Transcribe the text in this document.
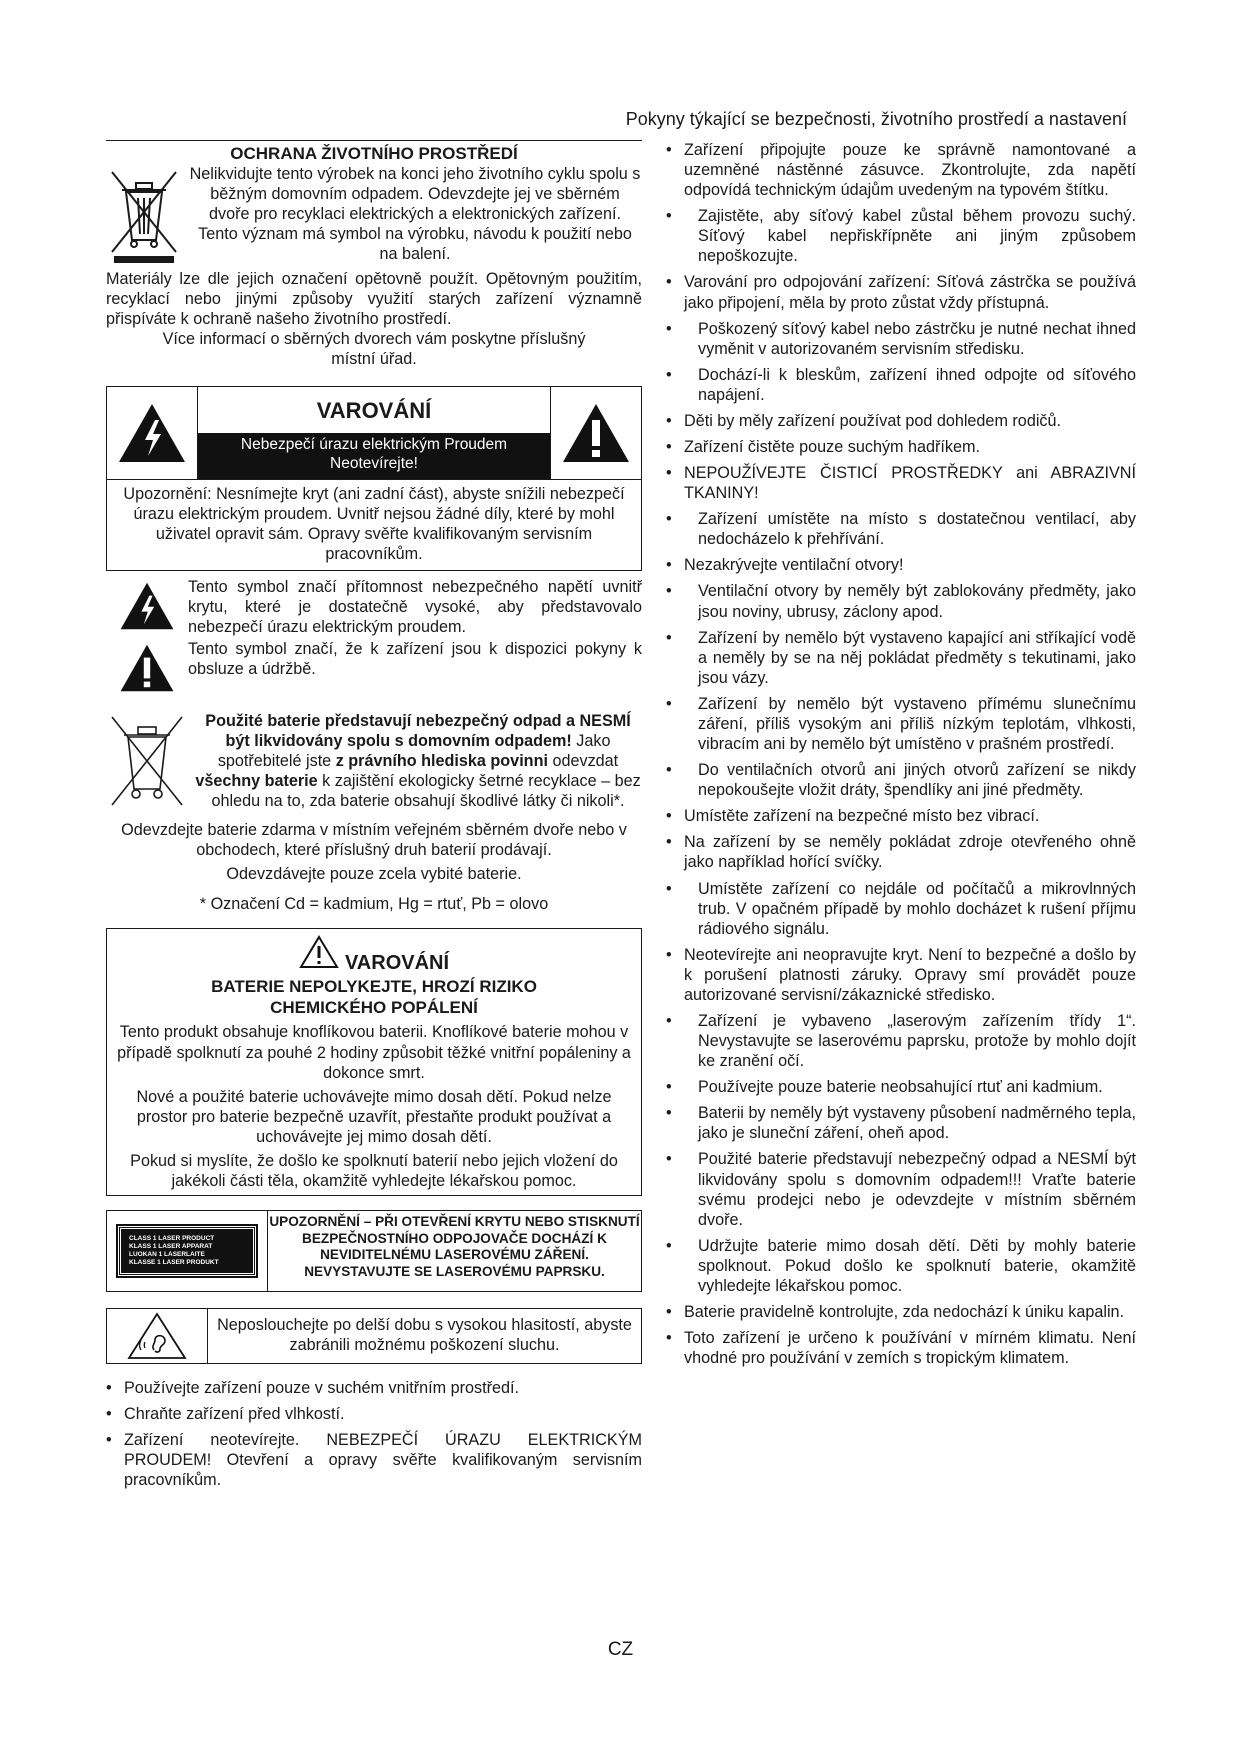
Pokyny týkající se bezpečnosti, životního prostředí a nastavení
OCHRANA ŽIVOTNÍHO PROSTŘEDÍ
Nelikvidujte tento výrobek na konci jeho životního cyklu spolu s běžným domovním odpadem. Odevzdejte jej ve sběrném dvoře pro recyklaci elektrických a elektronických zařízení. Tento význam má symbol na výrobku, návodu k použití nebo na balení.
Materiály lze dle jejich označení opětovně použít. Opětovným použitím, recyklací nebo jinými způsoby využití starých zařízení významně přispíváte k ochraně našeho životního prostředí.
Více informací o sběrných dvorech vám poskytne příslušný místní úřad.
VAROVÁNÍ
Nebezpečí úrazu elektrickým Proudem Neotevírejte!
Upozornění: Nesnímejte kryt (ani zadní část), abyste snížili nebezpečí úrazu elektrickým proudem. Uvnitř nejsou žádné díly, které by mohl uživatel opravit sám. Opravy svěřte kvalifikovaným servisním pracovníkům.
Tento symbol značí přítomnost nebezpečného napětí uvnitř krytu, které je dostatečně vysoké, aby představovalo nebezpečí úrazu elektrickým proudem.
Tento symbol značí, že k zařízení jsou k dispozici pokyny k obsluze a údržbě.
Použité baterie představují nebezpečný odpad a NESMÍ být likvidovány spolu s domovním odpadem! Jako spotřebitelé jste z právního hlediska povinni odevzdat všechny baterie k zajištění ekologicky šetrné recyklace – bez ohledu na to, zda baterie obsahují škodlivé látky či nikoli*.
Odevzdejte baterie zdarma v místním veřejném sběrném dvoře nebo v obchodech, které příslušný druh baterií prodávají.
Odevzdávejte pouze zcela vybité baterie.
* Označení Cd = kadmium, Hg = rtuť, Pb = olovo
VAROVÁNÍ
BATERIE NEPOLYKEJTE, HROZÍ RIZIKO CHEMICKÉHO POPÁLENÍ
Tento produkt obsahuje knoflíkovou baterii. Knoflíkové baterie mohou v případě spolknutí za pouhé 2 hodiny způsobit těžké vnitřní popáleniny a dokonce smrt.
Nové a použité baterie uchovávejte mimo dosah dětí. Pokud nelze prostor pro baterie bezpečně uzavřít, přestaňte produkt používat a uchovávejte jej mimo dosah dětí.
Pokud si myslíte, že došlo ke spolknutí baterií nebo jejich vložení do jakékoli části těla, okamžitě vyhledejte lékařskou pomoc.
CLASS 1 LASER PRODUCT
KLASS 1 LASER APPARAT
LUOKAN 1 LASERLAITE
KLASSE 1 LASER PRODUKT
UPOZORNĚNÍ – PŘI OTEVŘENÍ KRYTU NEBO STISKNUTÍ BEZPEČNOSTNÍHO ODPOJOVAČE DOCHÁZÍ K NEVIDITELNÉMU LASEROVÉMU ZÁŘENÍ. NEVYSTAVUJTE SE LASEROVÉMU PAPRSKU.
Neposlouchejte po delší dobu s vysokou hlasitostí, abyste zabránili možnému poškození sluchu.
• Používejte zařízení pouze v suchém vnitřním prostředí.
• Chraňte zařízení před vlhkostí.
• Zařízení neotevírejte. NEBEZPEČÍ ÚRAZU ELEKTRICKÝM PROUDEM! Otevření a opravy svěřte kvalifikovaným servisním pracovníkům.
• Zařízení připojujte pouze ke správně namontované a uzemněné nástěnné zásuvce. Zkontrolujte, zda napětí odpovídá technickým údajům uvedeným na typovém štítku.
• Zajistěte, aby síťový kabel zůstal během provozu suchý. Síťový kabel nepřiskřípněte ani jiným způsobem nepoškozujte.
• Varování pro odpojování zařízení: Síťová zástrčka se používá jako připojení, měla by proto zůstat vždy přístupná.
• Poškozený síťový kabel nebo zástrčku je nutné nechat ihned vyměnit v autorizovaném servisním středisku.
• Dochází-li k bleskům, zařízení ihned odpojte od síťového napájení.
• Děti by měly zařízení používat pod dohledem rodičů.
• Zařízení čistěte pouze suchým hadříkem.
• NEPOUŽÍVEJTE ČISTICÍ PROSTŘEDKY ani ABRAZIVNÍ TKANINY!
• Zařízení umístěte na místo s dostatečnou ventilací, aby nedocházelo k přehřívání.
• Nezakrývejte ventilační otvory!
• Ventilační otvory by neměly být zablokovány předměty, jako jsou noviny, ubrusy, záclony apod.
• Zařízení by nemělo být vystaveno kapající ani stříkající vodě a neměly by se na něj pokládat předměty s tekutinami, jako jsou vázy.
• Zařízení by nemělo být vystaveno přímému slunečnímu záření, příliš vysokým ani příliš nízkým teplotám, vlhkosti, vibracím ani by nemělo být umístěno v prašném prostředí.
• Do ventilačních otvorů ani jiných otvorů zařízení se nikdy nepokoušejte vložit dráty, špendlíky ani jiné předměty.
• Umístěte zařízení na bezpečné místo bez vibrací.
• Na zařízení by se neměly pokládat zdroje otevřeného ohně jako například hořící svíčky.
• Umístěte zařízení co nejdále od počítačů a mikrovlnných trub. V opačném případě by mohlo docházet k rušení příjmu rádiového signálu.
• Neotevírejte ani neopravujte kryt. Není to bezpečné a došlo by k porušení platnosti záruky. Opravy smí provádět pouze autorizované servisní/zákaznické středisko.
• Zařízení je vybaveno „laserovým zařízením třídy 1“. Nevystavujte se laserovému paprsku, protože by mohlo dojít ke zranění očí.
• Používejte pouze baterie neobsahující rtuť ani kadmium.
• Baterii by neměly být vystaveny působení nadměrného tepla, jako je sluneční záření, oheň apod.
• Použité baterie představují nebezpečný odpad a NESMÍ být likvidovány spolu s domovním odpadem!!! Vraťte baterie svému prodejci nebo je odevzdejte v místním sběrném dvoře.
• Udržujte baterie mimo dosah dětí. Děti by mohly baterie spolknout. Pokud došlo ke spolknutí baterie, okamžitě vyhledejte lékařskou pomoc.
• Baterie pravidelně kontrolujte, zda nedochází k úniku kapalin.
• Toto zařízení je určeno k používání v mírném klimatu. Není vhodné pro používání v zemích s tropickým klimatem.
CZ
